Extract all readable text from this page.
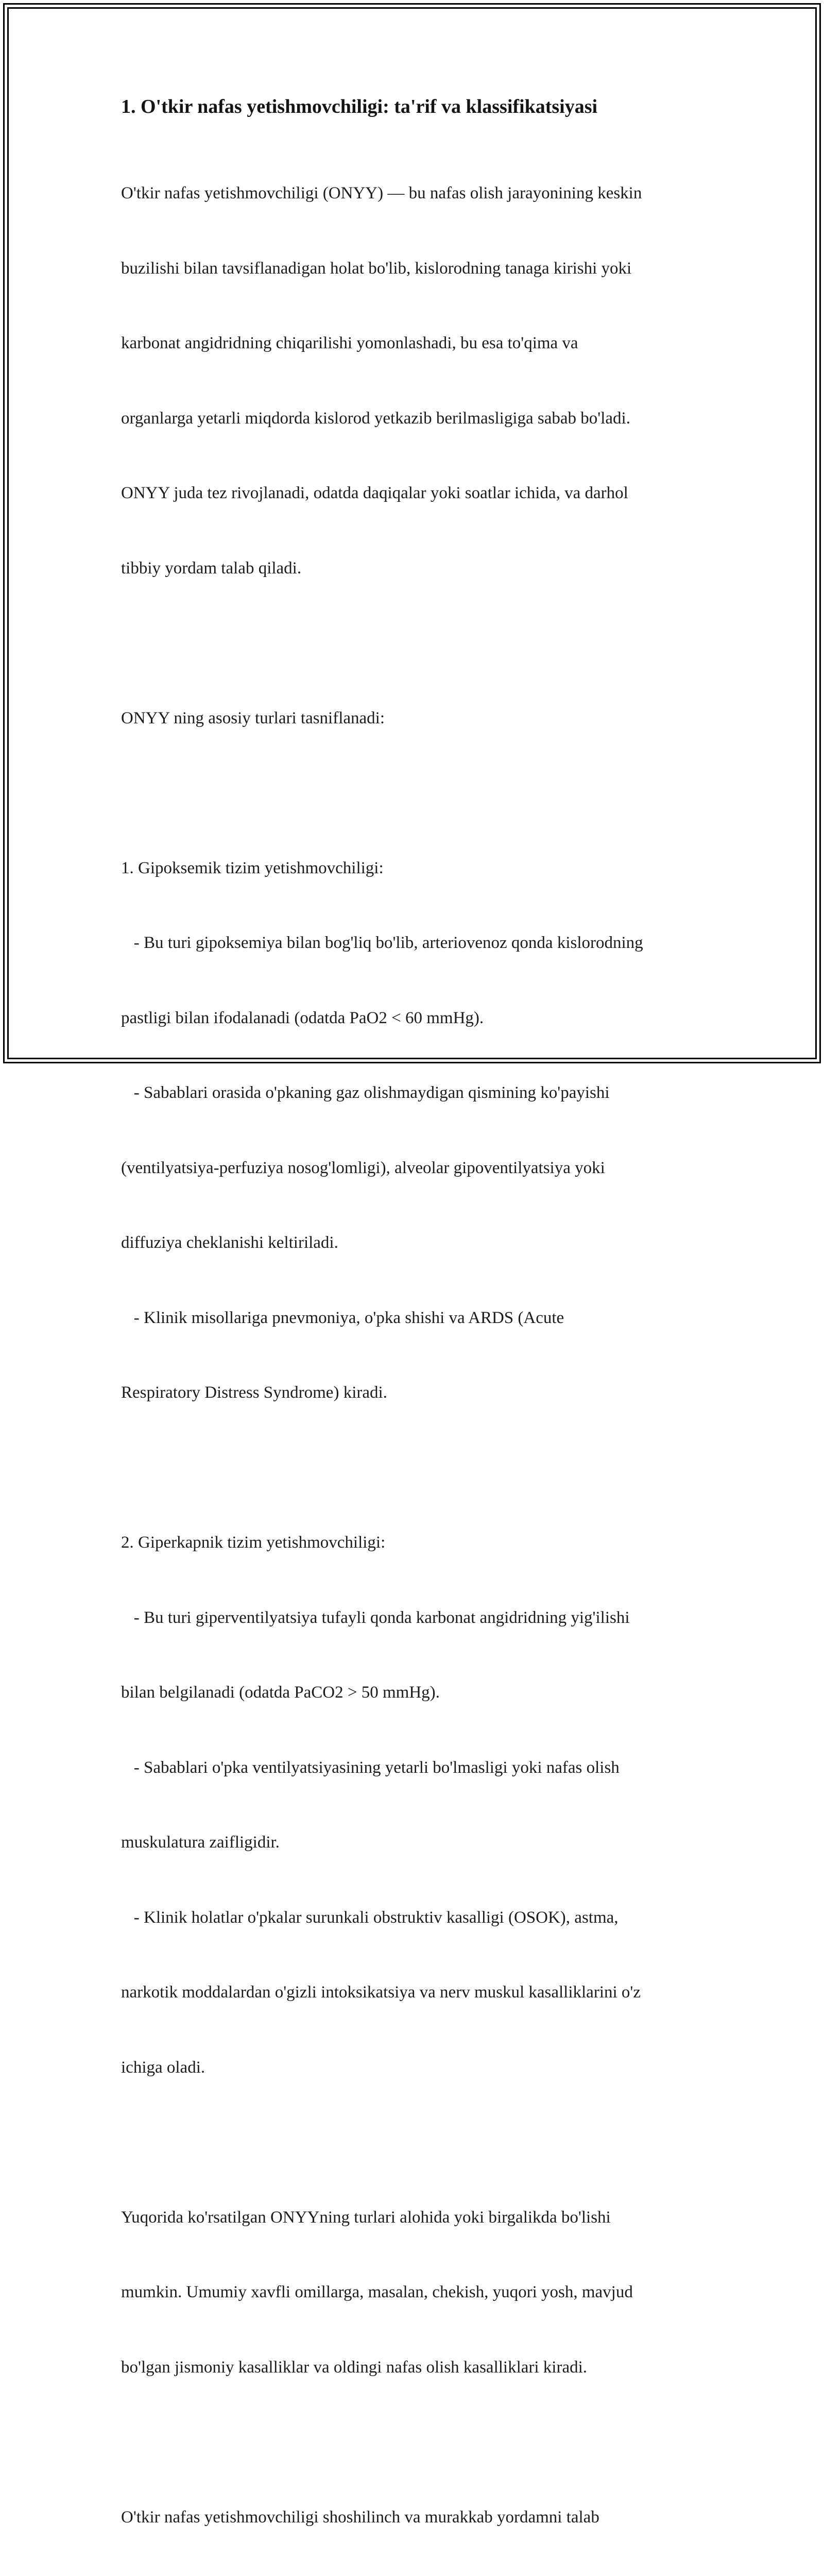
1. O'tkir nafas yetishmovchiligi: ta'rif va klassifikatsiyasi

O'tkir nafas yetishmovchiligi (ONYY) — bu nafas olish jarayonining keskin

buzilishi bilan tavsiflanadigan holat bo'lib, kislorodning tanaga kirishi yoki

karbonat angidridning chiqarilishi yomonlashadi, bu esa to'qima va

organlarga yetarli miqdorda kislorod yetkazib berilmasligiga sabab bo'ladi.

ONYY juda tez rivojlanadi, odatda daqiqalar yoki soatlar ichida, va darhol

tibbiy yordam talab qiladi.

ONYY ning asosiy turlari tasniflanadi:

1. Gipoksemik tizim yetishmovchiligi:

- Bu turi gipoksemiya bilan bog'liq bo'lib, arteriovenoz qonda kislorodning

pastligi bilan ifodalanadi (odatda PaO2 < 60 mmHg).

- Sabablari orasida o'pkaning gaz olishmaydigan qismining ko'payishi

(ventilyatsiya-perfuziya nosog'lomligi), alveolar gipoventilyatsiya yoki

diffuziya cheklanishi keltiriladi.

- Klinik misollariga pnevmoniya, o'pka shishi va ARDS (Acute

Respiratory Distress Syndrome) kiradi.

2. Giperkapnik tizim yetishmovchiligi:

- Bu turi giperventilyatsiya tufayli qonda karbonat angidridning yig'ilishi

bilan belgilanadi (odatda PaCO2 > 50 mmHg).

- Sabablari o'pka ventilyatsiyasining yetarli bo'lmasligi yoki nafas olish

muskulatura zaifligidir.

- Klinik holatlar o'pkalar surunkali obstruktiv kasalligi (OSOK), astma,

narkotik moddalardan o'gizli intoksikatsiya va nerv muskul kasalliklarini o'z

ichiga oladi.

Yuqorida ko'rsatilgan ONYYning turlari alohida yoki birgalikda bo'lishi

mumkin. Umumiy xavfli omillarga, masalan, chekish, yuqori yosh, mavjud

bo'lgan jismoniy kasalliklar va oldingi nafas olish kasalliklari kiradi.

O'tkir nafas yetishmovchiligi shoshilinch va murakkab yordamni talab
